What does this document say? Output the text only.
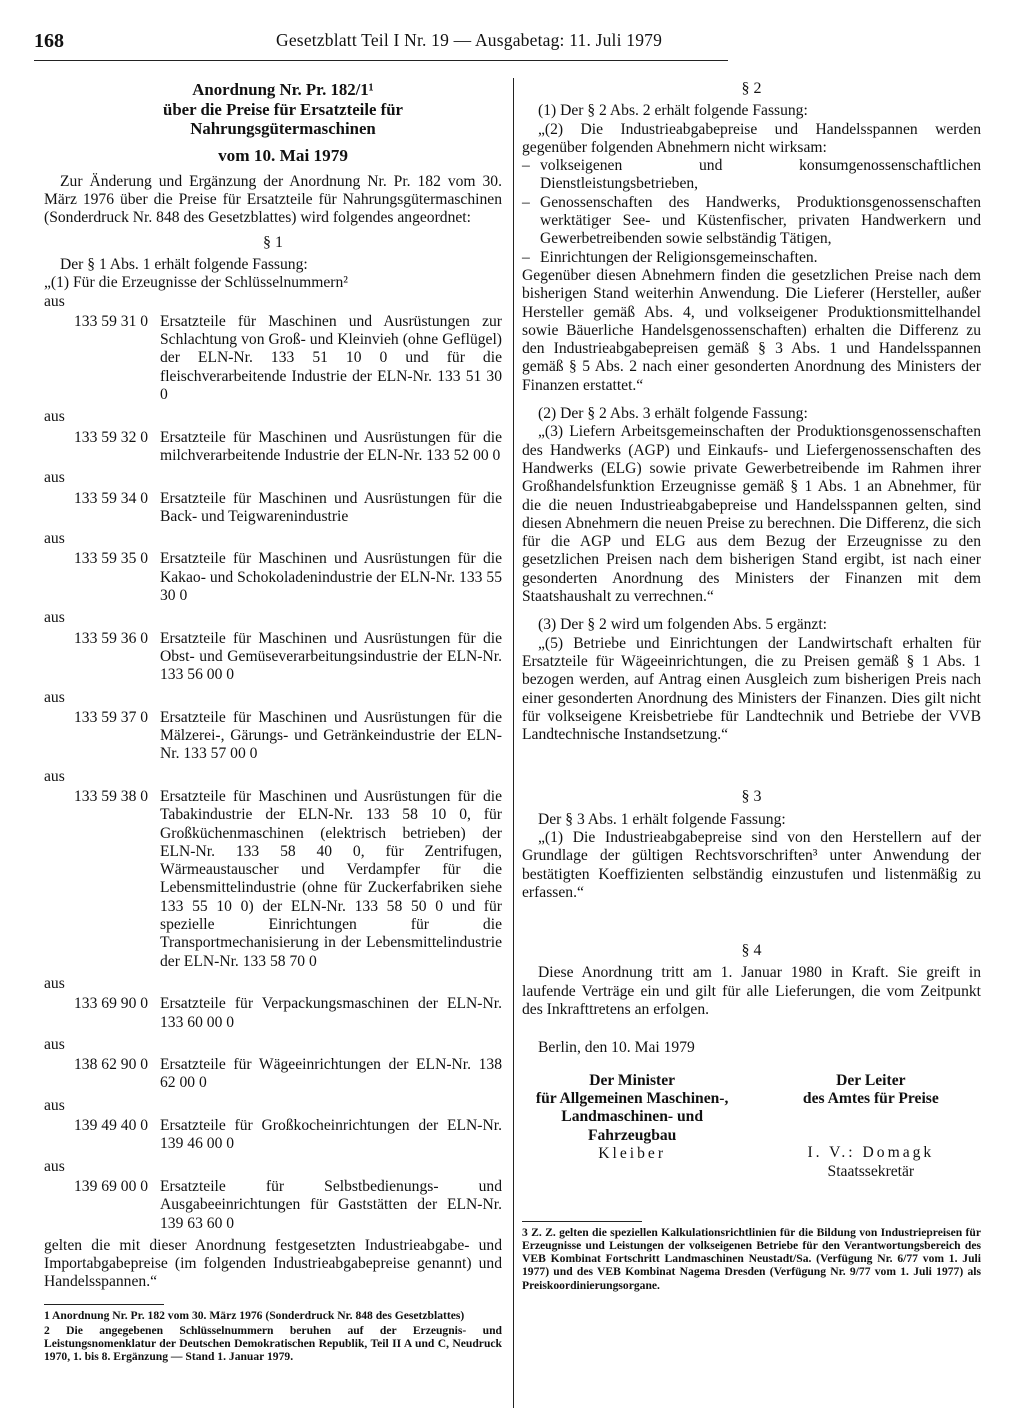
168	Gesetzblatt Teil I Nr. 19 — Ausgabetag: 11. Juli 1979
Anordnung Nr. Pr. 182/1¹
über die Preise für Ersatzteile für
Nahrungsgütermaschinen
vom 10. Mai 1979

Zur Änderung und Ergänzung der Anordnung Nr. Pr. 182 vom 30. März 1976 über die Preise für Ersatzteile für Nahrungsgütermaschinen (Sonderdruck Nr. 848 des Gesetzblattes) wird folgendes angeordnet:

§ 1

Der § 1 Abs. 1 erhält folgende Fassung:

„(1) Für die Erzeugnisse der Schlüsselnummern²

aus

133 59 31 0 Ersatzteile für Maschinen und Ausrüstungen zur Schlachtung von Groß- und Kleinvieh (ohne Geflügel) der ELN-Nr. 133 51 10 0 und für die fleischverarbeitende Industrie der ELN-Nr. 133 51 30 0

aus

133 59 32 0 Ersatzteile für Maschinen und Ausrüstungen für die milchverarbeitende Industrie der ELN-Nr. 133 52 00 0

aus

133 59 34 0 Ersatzteile für Maschinen und Ausrüstungen für die Back- und Teigwarenindustrie

aus

133 59 35 0 Ersatzteile für Maschinen und Ausrüstungen für die Kakao- und Schokoladenindustrie der ELN-Nr. 133 55 30 0

aus

133 59 36 0 Ersatzteile für Maschinen und Ausrüstungen für die Obst- und Gemüseverarbeitungsindustrie der ELN-Nr. 133 56 00 0

aus

133 59 37 0 Ersatzteile für Maschinen und Ausrüstungen für die Mälzerei-, Gärungs- und Getränkeindustrie der ELN-Nr. 133 57 00 0

aus

133 59 38 0 Ersatzteile für Maschinen und Ausrüstungen für die Tabakindustrie der ELN-Nr. 133 58 10 0, für Großküchenmaschinen (elektrisch betrieben) der ELN-Nr. 133 58 40 0, für Zentrifugen, Wärmeaustauscher und Verdampfer für die Lebensmittelindustrie (ohne für Zuckerfabriken siehe 133 55 10 0) der ELN-Nr. 133 58 50 0 und für spezielle Einrichtungen für die Transportmechanisierung in der Lebensmittelindustrie der ELN-Nr. 133 58 70 0

aus

133 69 90 0 Ersatzteile für Verpackungsmaschinen der ELN-Nr. 133 60 00 0

aus

138 62 90 0 Ersatzteile für Wägeeinrichtungen der ELN-Nr. 138 62 00 0

aus

139 49 40 0 Ersatzteile für Großkocheinrichtungen der ELN-Nr. 139 46 00 0

aus

139 69 00 0 Ersatzteile für Selbstbedienungs- und Ausgabeeinrichtungen für Gaststätten der ELN-Nr. 139 63 60 0

gelten die mit dieser Anordnung festgesetzten Industrieabgabe- und Importabgabepreise (im folgenden Industrieabgabepreise genannt) und Handelsspannen.“

1 Anordnung Nr. Pr. 182 vom 30. März 1976 (Sonderdruck Nr. 848 des Gesetzblattes)

2 Die angegebenen Schlüsselnummern beruhen auf der Erzeugnis- und Leistungsnomenklatur der Deutschen Demokratischen Republik, Teil II A und C, Neudruck 1970, 1. bis 8. Ergänzung — Stand 1. Januar 1979.

§ 2

(1) Der § 2 Abs. 2 erhält folgende Fassung:

„(2) Die Industrieabgabepreise und Handelsspannen werden gegenüber folgenden Abnehmern nicht wirksam:

– volkseigenen und konsumgenossenschaftlichen Dienstleistungsbetrieben,
– Genossenschaften des Handwerks, Produktionsgenossenschaften werktätiger See- und Küstenfischer, privaten Handwerkern und Gewerbetreibenden sowie selbständig Tätigen,
– Einrichtungen der Religionsgemeinschaften.

Gegenüber diesen Abnehmern finden die gesetzlichen Preise nach dem bisherigen Stand weiterhin Anwendung. Die Lieferer (Hersteller, außer Hersteller gemäß Abs. 4, und volkseigener Produktionsmittelhandel sowie Bäuerliche Handelsgenossenschaften) erhalten die Differenz zu den Industrieabgabepreisen gemäß § 3 Abs. 1 und Handelsspannen gemäß § 5 Abs. 2 nach einer gesonderten Anordnung des Ministers der Finanzen erstattet.“

(2) Der § 2 Abs. 3 erhält folgende Fassung:

„(3) Liefern Arbeitsgemeinschaften der Produktionsgenossenschaften des Handwerks (AGP) und Einkaufs- und Liefergenossenschaften des Handwerks (ELG) sowie private Gewerbetreibende im Rahmen ihrer Großhandelsfunktion Erzeugnisse gemäß § 1 Abs. 1 an Abnehmer, für die die neuen Industrieabgabepreise und Handelsspannen gelten, sind diesen Abnehmern die neuen Preise zu berechnen. Die Differenz, die sich für die AGP und ELG aus dem Bezug der Erzeugnisse zu den gesetzlichen Preisen nach dem bisherigen Stand ergibt, ist nach einer gesonderten Anordnung des Ministers der Finanzen mit dem Staatshaushalt zu verrechnen.“

(3) Der § 2 wird um folgenden Abs. 5 ergänzt:

„(5) Betriebe und Einrichtungen der Landwirtschaft erhalten für Ersatzteile für Wägeeinrichtungen, die zu Preisen gemäß § 1 Abs. 1 bezogen werden, auf Antrag einen Ausgleich zum bisherigen Preis nach einer gesonderten Anordnung des Ministers der Finanzen. Dies gilt nicht für volkseigene Kreisbetriebe für Landtechnik und Betriebe der VVB Landtechnische Instandsetzung.“

§ 3

Der § 3 Abs. 1 erhält folgende Fassung:

„(1) Die Industrieabgabepreise sind von den Herstellern auf der Grundlage der gültigen Rechtsvorschriften³ unter Anwendung der bestätigten Koeffizienten selbständig einzustufen und listenmäßig zu erfassen.“

§ 4

Diese Anordnung tritt am 1. Januar 1980 in Kraft. Sie greift in laufende Verträge ein und gilt für alle Lieferungen, die vom Zeitpunkt des Inkrafttretens an erfolgen.

Berlin, den 10. Mai 1979

Der Minister
für Allgemeinen Maschinen-,
Landmaschinen- und
Fahrzeugbau
Kleiber
Der Leiter
des Amtes für Preise
I. V.: Domagk
Staatssekretär

3 Z. Z. gelten die speziellen Kalkulationsrichtlinien für die Bildung von Industriepreisen für Erzeugnisse und Leistungen der volkseigenen Betriebe für den Verantwortungsbereich des VEB Kombinat Fortschritt Landmaschinen Neustadt/Sa. (Verfügung Nr. 6/77 vom 1. Juli 1977) und des VEB Kombinat Nagema Dresden (Verfügung Nr. 9/77 vom 1. Juli 1977) als Preiskoordinierungsorgane.
